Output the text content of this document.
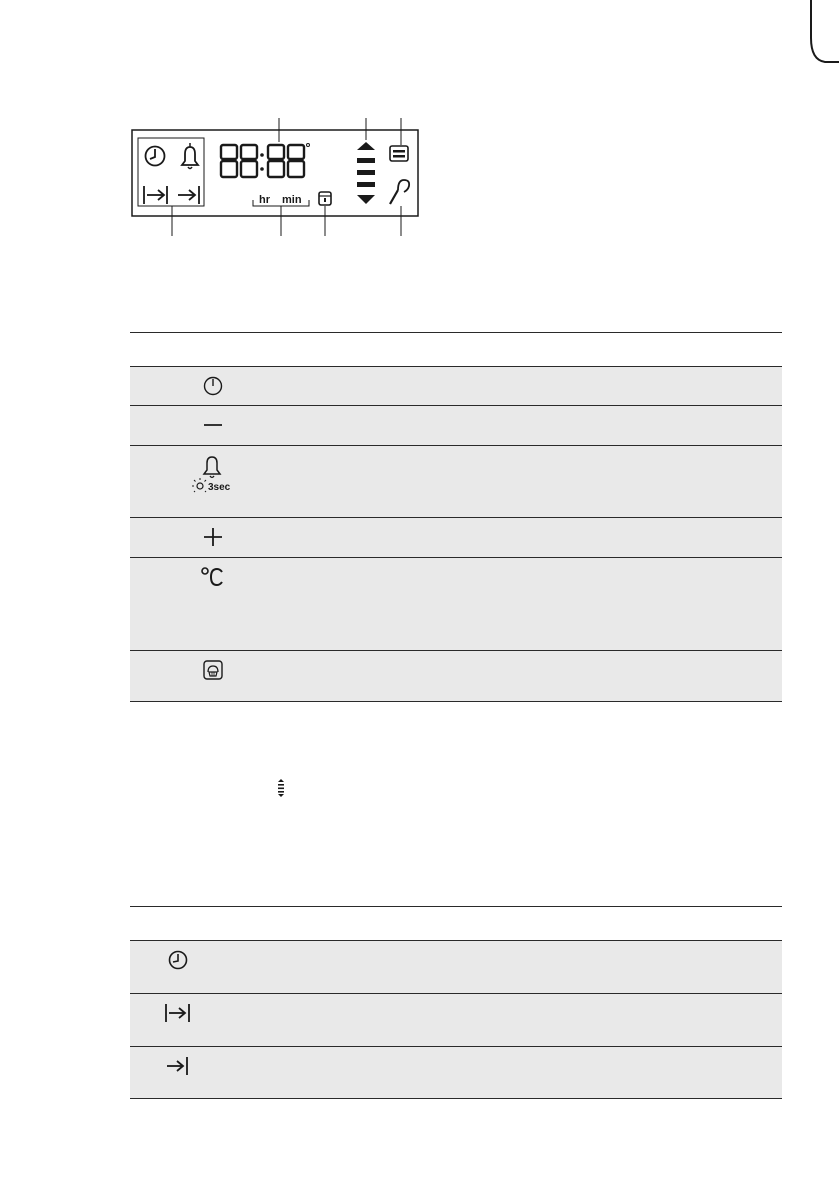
hr min

3sec	
